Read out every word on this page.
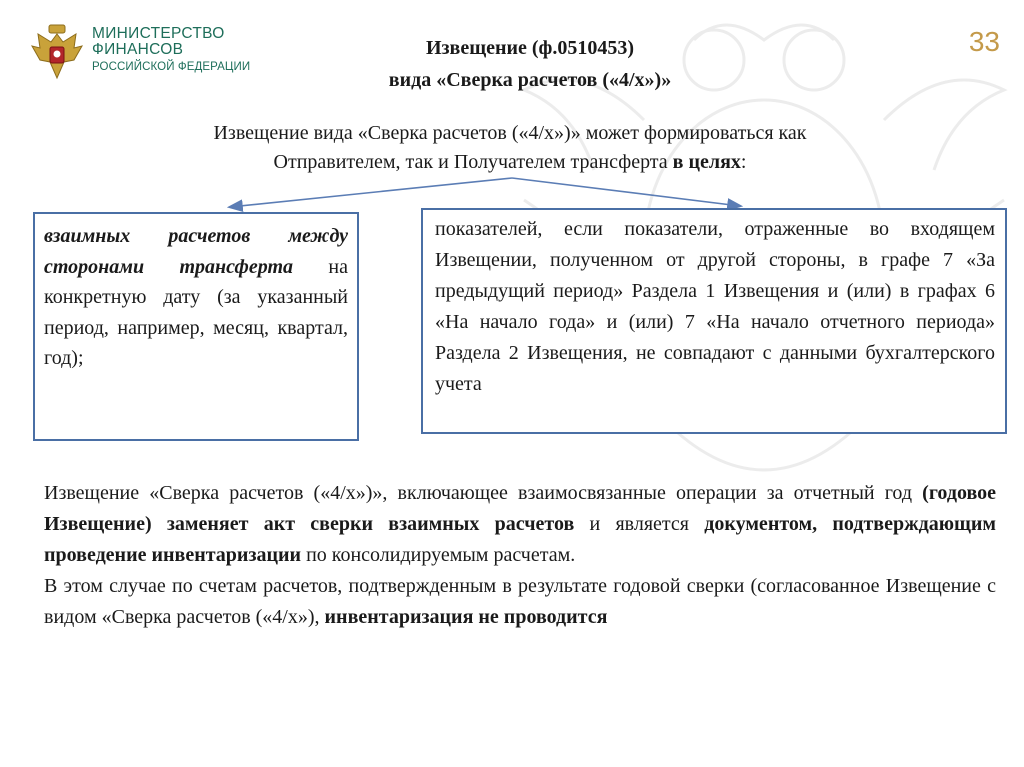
МИНИСТЕРСТВО
ФИНАНСОВ
РОССИЙСКОЙ ФЕДЕРАЦИИ
33
Извещение (ф.0510453)
вида «Сверка расчетов («4/х»)»
Извещение вида «Сверка расчетов («4/х»)» может формироваться как
Отправителем, так и Получателем трансферта в целях:
взаимных расчетов между сторонами трансферта на конкретную дату (за указанный период, например, месяц, квартал, год);
показателей, если показатели, отраженные во входящем Извещении, полученном от другой стороны, в графе 7 «За предыдущий период» Раздела 1 Извещения и (или) в графах 6 «На начало года» и (или) 7 «На начало отчетного периода» Раздела 2 Извещения, не совпадают с данными бухгалтерского учета

Извещение «Сверка расчетов («4/х»)», включающее взаимосвязанные операции за отчетный год (годовое Извещение) заменяет акт сверки взаимных расчетов и является документом, подтверждающим проведение инвентаризации по консолидируемым расчетам.

В этом случае по счетам расчетов, подтвержденным в результате годовой сверки (согласованное Извещение с видом «Сверка расчетов («4/х»), инвентаризация не проводится
